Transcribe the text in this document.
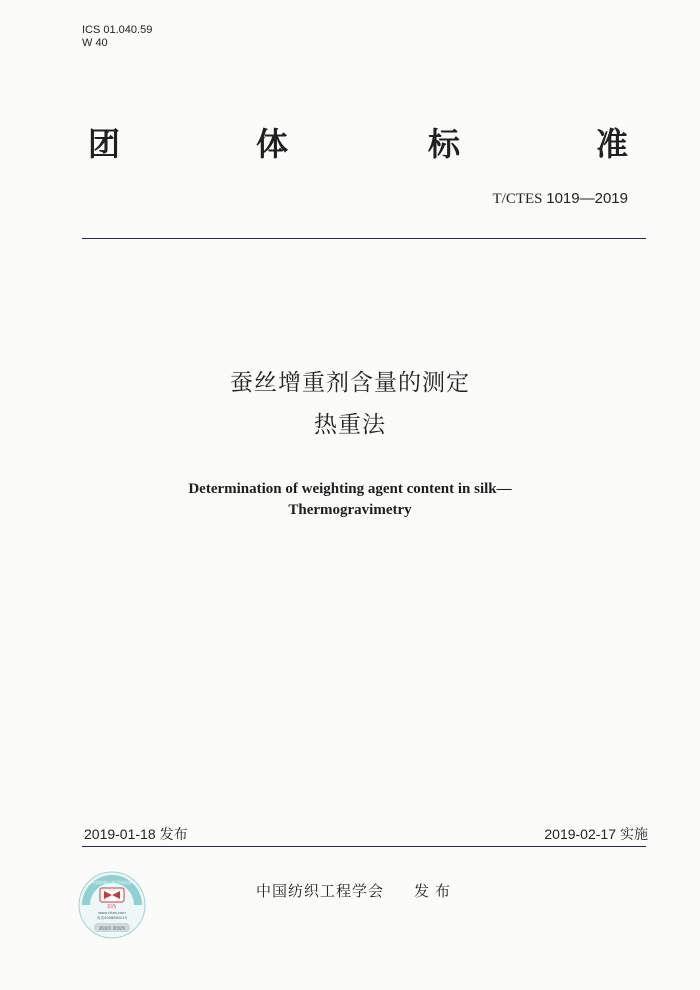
ICS 01.040.59
W 40
团	体	标	准
T/CTES 1019—2019
蚕丝增重剂含量的测定
热重法
Determination of weighting agent content in silk—
Thermogravimetry
2019-01-18 发布	2019-02-17 实施
中国纺织工程学会标准
防伪
www.cttes.com
电话4008882015
刮涂层 查真伪
中国纺织工程学会 发布
